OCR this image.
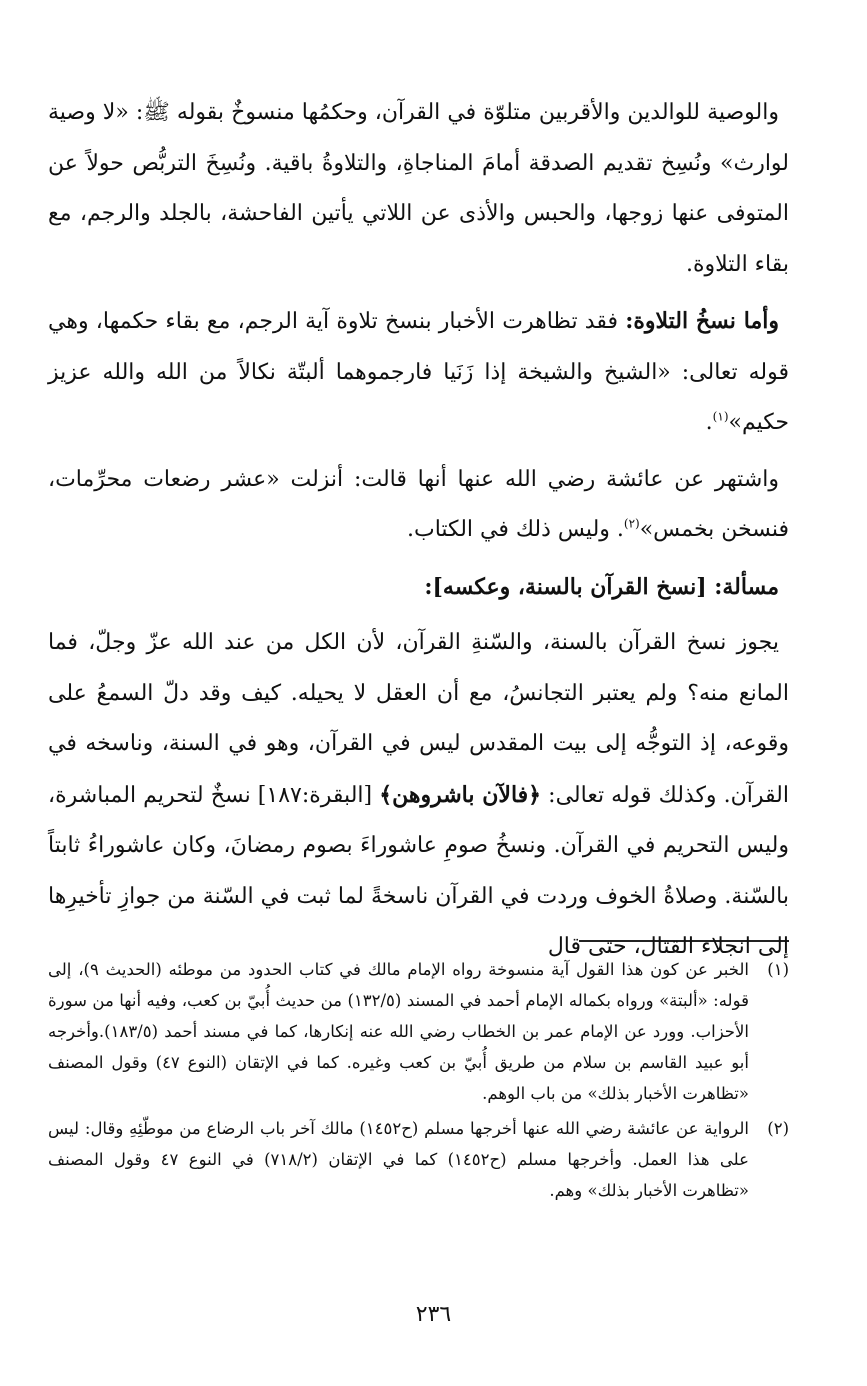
والوصية للوالدين والأقربين متلوّة في القرآن، وحكمُها منسوخٌ بقوله ﷺ: «لا وصية لوارث» ونُسِخ تقديم الصدقة أمامَ المناجاةِ، والتلاوةُ باقية. ونُسِخَ التربُّص حولاً عن المتوفى عنها زوجها، والحبس والأذى عن اللاتي يأتين الفاحشة، بالجلد والرجم، مع بقاء التلاوة.

وأما نسخُ التلاوة: فقد تظاهرت الأخبار بنسخ تلاوة آية الرجم، مع بقاء حكمها، وهي قوله تعالى: «الشيخ والشيخة إذا زَنَيا فارجموهما ألبتّة نكالاً من الله والله عزيز حكيم»$^{(١)}$.

واشتهر عن عائشة رضي الله عنها أنها قالت: أنزلت «عشر رضعات محرِّمات، فنسخن بخمس»$^{(٢)}$. وليس ذلك في الكتاب.

مسألة: [نسخ القرآن بالسنة، وعكسه]:

يجوز نسخ القرآن بالسنة، والسّنةِ القرآن، لأن الكل من عند الله عزّ وجلّ، فما المانع منه؟ ولم يعتبر التجانسُ، مع أن العقل لا يحيله. كيف وقد دلّ السمعُ على وقوعه، إذ التوجُّه إلى بيت المقدس ليس في القرآن، وهو في السنة، وناسخه في القرآن. وكذلك قوله تعالى: ﴿فالآن باشروهن﴾ [البقرة:١٨٧] نسخٌ لتحريم المباشرة، وليس التحريم في القرآن. ونسخُ صومِ عاشوراءَ بصوم رمضانَ، وكان عاشوراءُ ثابتاً بالسّنة. وصلاةُ الخوف وردت في القرآن ناسخةً لما ثبت في السّنة من جوازِ تأخيرِها إلى انجلاء القتال، حتى قال

(١)
الخبر عن كون هذا القول آية منسوخة رواه الإمام مالك في كتاب الحدود من موطئه (الحديث ٩)، إلى قوله: «ألبتة» ورواه بكماله الإمام أحمد في المسند (١٣٢/٥) من حديث أُبيّ بن كعب، وفيه أنها من سورة الأحزاب. وورد عن الإمام عمر بن الخطاب رضي الله عنه إنكارها، كما في مسند أحمد (١٨٣/٥).وأخرجه أبو عبيد القاسم بن سلام من طريق أُبيّ بن كعب وغيره. كما في الإتقان (النوع ٤٧) وقول المصنف «تظاهرت الأخبار بذلك» من باب الوهم.
(٢)
الرواية عن عائشة رضي الله عنها أخرجها مسلم (ح١٤٥٢) مالك آخر باب الرضاع من موطّئِهِ وقال: ليس على هذا العمل. وأخرجها مسلم (ح١٤٥٢) كما في الإتقان (٧١٨/٢) في النوع ٤٧ وقول المصنف «تظاهرت الأخبار بذلك» وهم.
٢٣٦
